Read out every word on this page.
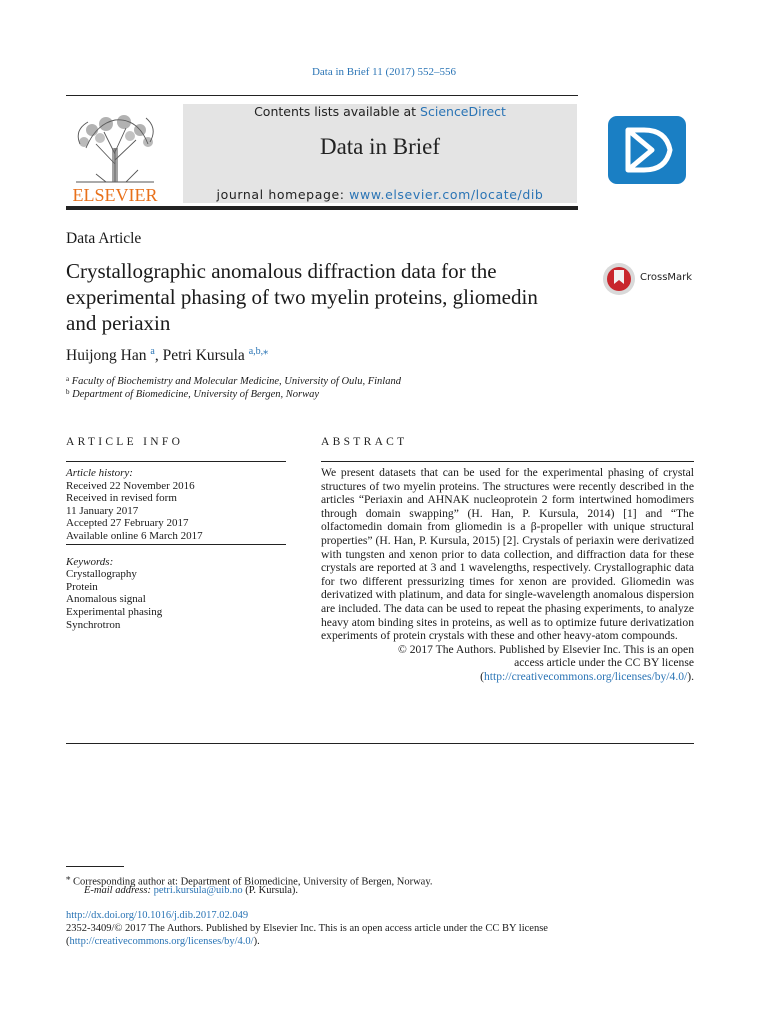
Data in Brief 11 (2017) 552–556
ELSEVIER
Contents lists available at ScienceDirect
Data in Brief
journal homepage: www.elsevier.com/locate/dib
Data Article
Crystallographic anomalous diffraction data for the experimental phasing of two myelin proteins, gliomedin and periaxin
CrossMark
Huijong Han $^a$, Petri Kursula $^{a,b,⁎}$
$^a$ Faculty of Biochemistry and Molecular Medicine, University of Oulu, Finland
$^b$ Department of Biomedicine, University of Bergen, Norway
ARTICLE INFO	ABSTRACT
Article history:
Received 22 November 2016
Received in revised form
11 January 2017
Accepted 27 February 2017
Available online 6 March 2017
Keywords:
Crystallography
Protein
Anomalous signal
Experimental phasing
Synchrotron
We present datasets that can be used for the experimental phasing of crystal structures of two myelin proteins. The structures were recently described in the articles “Periaxin and AHNAK nucleoprotein 2 form intertwined homodimers through domain swapping” (H. Han, P. Kursula, 2014) [1] and “The olfactomedin domain from gliomedin is a β-propeller with unique structural properties” (H. Han, P. Kursula, 2015) [2]. Crystals of periaxin were derivatized with tungsten and xenon prior to data collection, and diffraction data for these crystals are reported at 3 and 1 wavelengths, respectively. Crystallographic data for two different pressurizing times for xenon are provided. Gliomedin was derivatized with platinum, and data for single-wavelength anomalous dispersion are included. The data can be used to repeat the phasing experiments, to analyze heavy atom binding sites in proteins, as well as to optimize future derivatization experiments of protein crystals with these and other heavy-atom compounds.
© 2017 The Authors. Published by Elsevier Inc. This is an open
access article under the CC BY license
(http://creativecommons.org/licenses/by/4.0/).
⁎ Corresponding author at: Department of Biomedicine, University of Bergen, Norway.
E-mail address: petri.kursula@uib.no (P. Kursula).
http://dx.doi.org/10.1016/j.dib.2017.02.049
2352-3409/© 2017 The Authors. Published by Elsevier Inc. This is an open access article under the CC BY license
(http://creativecommons.org/licenses/by/4.0/).
